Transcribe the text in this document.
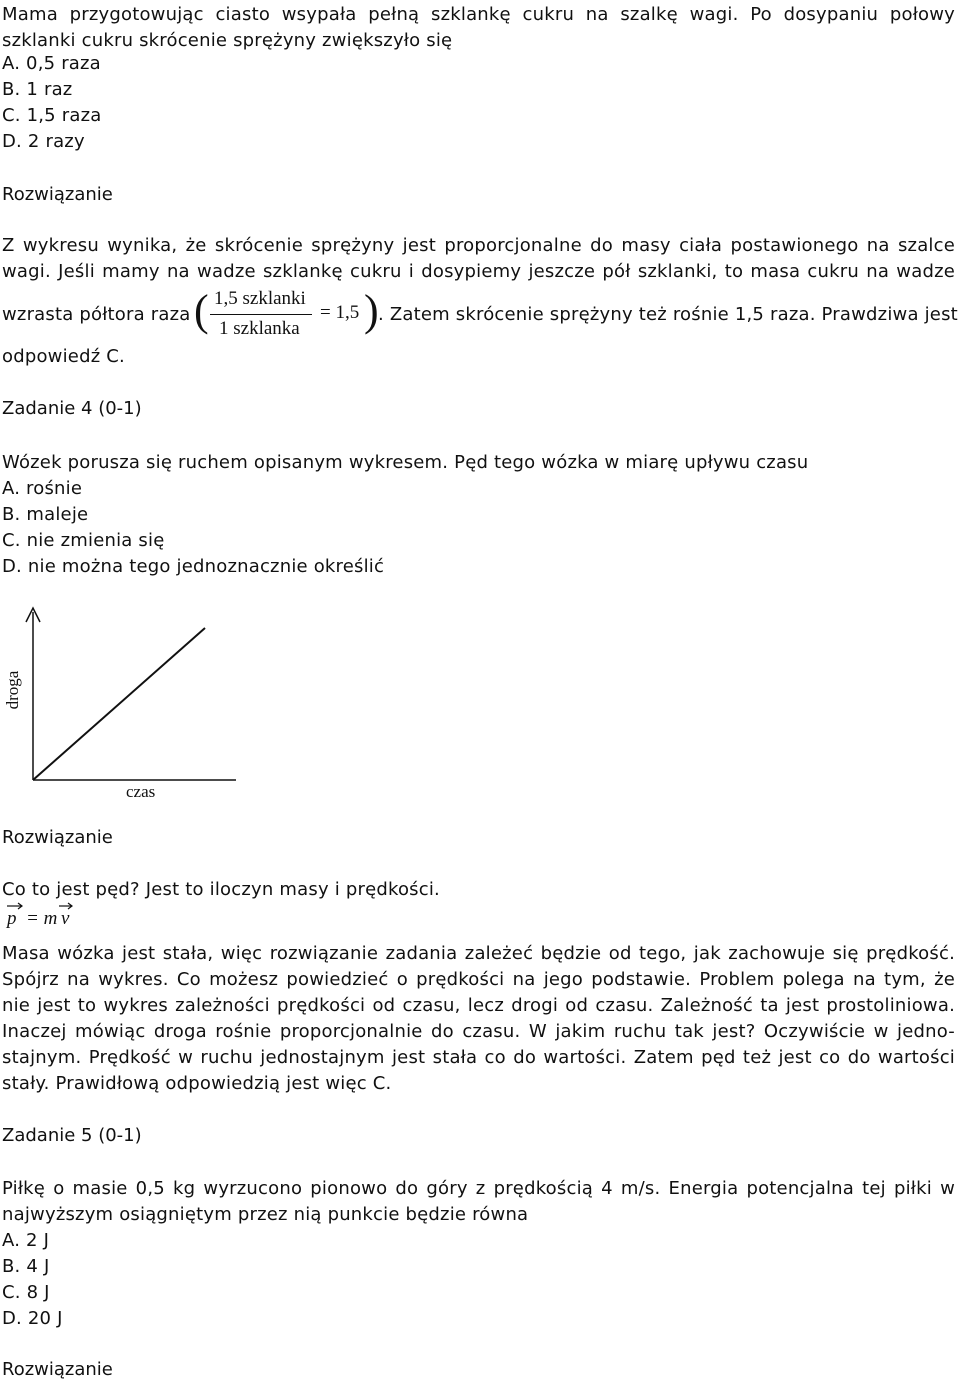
Mama przygotowując ciasto wsypała pełną szklankę cukru na szalkę wagi. Po dosypaniu połowy
szklanki cukru skrócenie sprężyny zwiększyło się
A. 0,5 raza
B. 1 raz
C. 1,5 raza
D. 2 razy
Rozwiązanie
Z wykresu wynika, że skrócenie sprężyny jest proporcjonalne do masy ciała postawionego na szalce
wagi. Jeśli mamy na wadze szklankę cukru i dosypiemy jeszcze pół szklanki, to masa cukru na wadze
wzrasta półtora raza ( 1,5 szklanki
1 szklanka
= 1,5 ) . Zatem skrócenie sprężyny też rośnie 1,5 raza. Prawdziwa jest
odpowiedź C.
Zadanie 4 (0-1)
Wózek porusza się ruchem opisanym wykresem. Pęd tego wózka w miarę upływu czasu
A. rośnie
B. maleje
C. nie zmienia się
D. nie można tego jednoznacznie określić
droga
czas
Rozwiązanie
Co to jest pęd? Jest to iloczyn masy i prędkości.
p = m v
Masa wózka jest stała, więc rozwiązanie zadania zależeć będzie od tego, jak zachowuje się prędkość.
Spójrz na wykres. Co możesz powiedzieć o prędkości na jego podstawie. Problem polega na tym, że
nie jest to wykres zależności prędkości od czasu, lecz drogi od czasu. Zależność ta jest prostoliniowa.
Inaczej mówiąc droga rośnie proporcjonalnie do czasu. W jakim ruchu tak jest? Oczywiście w jedno-
stajnym. Prędkość w ruchu jednostajnym jest stała co do wartości. Zatem pęd też jest co do wartości
stały. Prawidłową odpowiedzią jest więc C.
Zadanie 5 (0-1)
Piłkę o masie 0,5 kg wyrzucono pionowo do góry z prędkością 4 m/s. Energia potencjalna tej piłki w
najwyższym osiągniętym przez nią punkcie będzie równa
A. 2 J
B. 4 J
C. 8 J
D. 20 J
Rozwiązanie
